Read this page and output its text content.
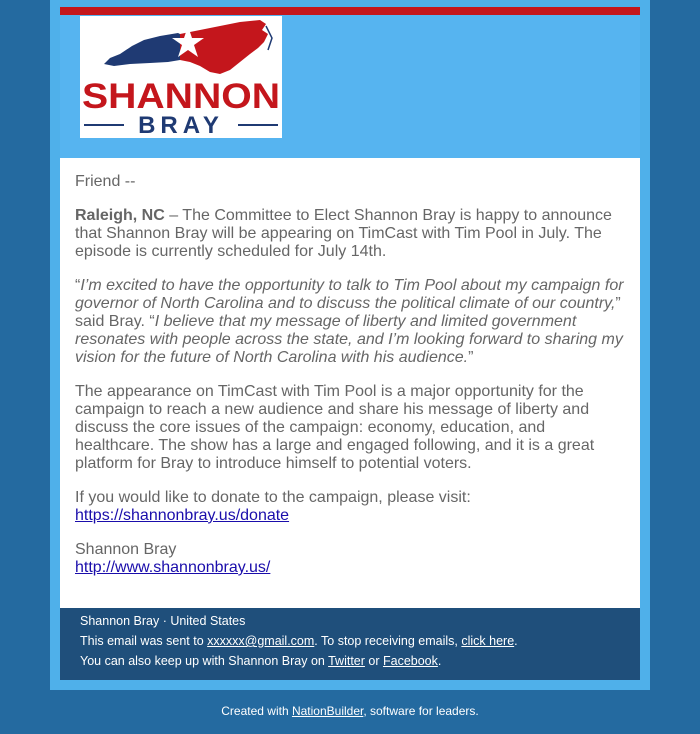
SHANNON
BRAY

Friend --

Raleigh, NC – The Committee to Elect Shannon Bray is happy to announce that Shannon Bray will be appearing on TimCast with Tim Pool in July. The episode is currently scheduled for July 14th.

“I’m excited to have the opportunity to talk to Tim Pool about my campaign for governor of North Carolina and to discuss the political climate of our country,” said Bray. “I believe that my message of liberty and limited government resonates with people across the state, and I’m looking forward to sharing my vision for the future of North Carolina with his audience.”

The appearance on TimCast with Tim Pool is a major opportunity for the campaign to reach a new audience and share his message of liberty and discuss the core issues of the campaign: economy, education, and healthcare. The show has a large and engaged following, and it is a great platform for Bray to introduce himself to potential voters.

If you would like to donate to the campaign, please visit:
https://shannonbray.us/donate

Shannon Bray
http://www.shannonbray.us/

Shannon Bray · United States
This email was sent to xxxxxx@gmail.com. To stop receiving emails, click here.
You can also keep up with Shannon Bray on Twitter or Facebook.
Created with NationBuilder, software for leaders.
